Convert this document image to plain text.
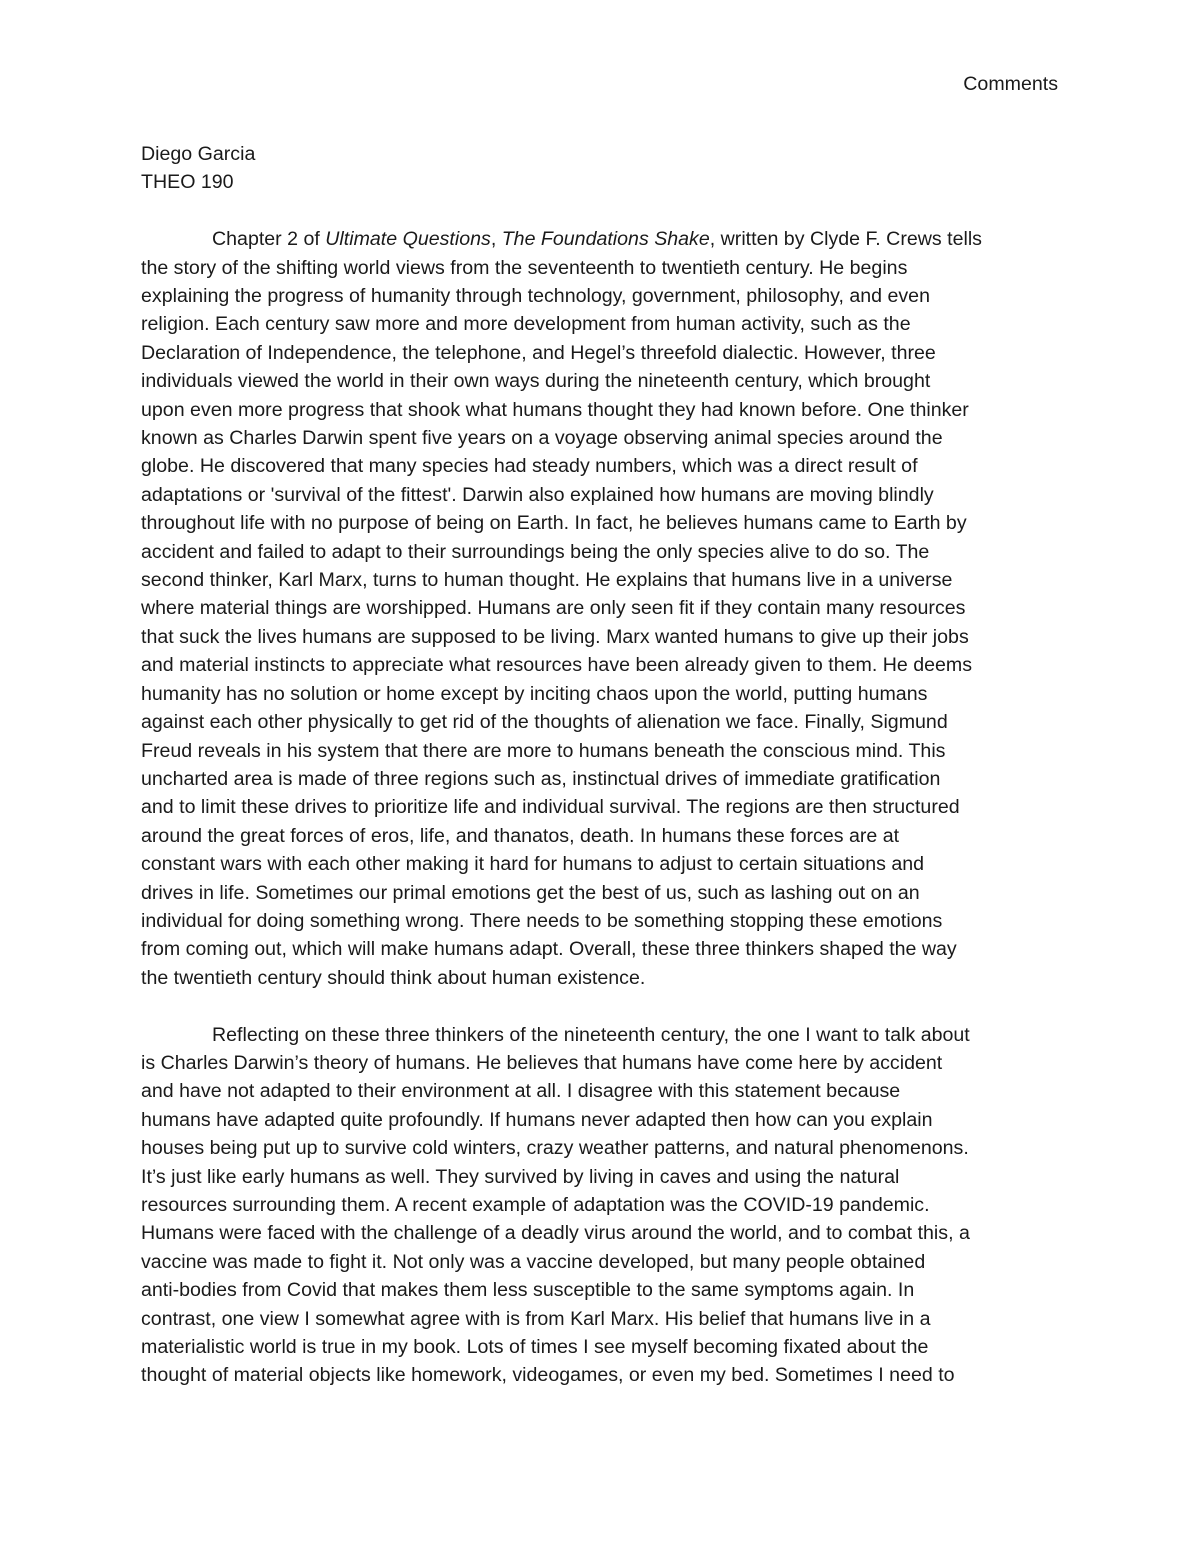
Comments
Diego Garcia
THEO 190
Chapter 2 of Ultimate Questions, The Foundations Shake, written by Clyde F. Crews tells
the story of the shifting world views from the seventeenth to twentieth century. He begins
explaining the progress of humanity through technology, government, philosophy, and even
religion. Each century saw more and more development from human activity, such as the
Declaration of Independence, the telephone, and Hegel’s threefold dialectic. However, three
individuals viewed the world in their own ways during the nineteenth century, which brought
upon even more progress that shook what humans thought they had known before. One thinker
known as Charles Darwin spent five years on a voyage observing animal species around the
globe. He discovered that many species had steady numbers, which was a direct result of
adaptations or 'survival of the fittest'. Darwin also explained how humans are moving blindly
throughout life with no purpose of being on Earth. In fact, he believes humans came to Earth by
accident and failed to adapt to their surroundings being the only species alive to do so. The
second thinker, Karl Marx, turns to human thought. He explains that humans live in a universe
where material things are worshipped. Humans are only seen fit if they contain many resources
that suck the lives humans are supposed to be living. Marx wanted humans to give up their jobs
and material instincts to appreciate what resources have been already given to them. He deems
humanity has no solution or home except by inciting chaos upon the world, putting humans
against each other physically to get rid of the thoughts of alienation we face. Finally, Sigmund
Freud reveals in his system that there are more to humans beneath the conscious mind. This
uncharted area is made of three regions such as, instinctual drives of immediate gratification
and to limit these drives to prioritize life and individual survival. The regions are then structured
around the great forces of eros, life, and thanatos, death. In humans these forces are at
constant wars with each other making it hard for humans to adjust to certain situations and
drives in life. Sometimes our primal emotions get the best of us, such as lashing out on an
individual for doing something wrong. There needs to be something stopping these emotions
from coming out, which will make humans adapt. Overall, these three thinkers shaped the way
the twentieth century should think about human existence.
Reflecting on these three thinkers of the nineteenth century, the one I want to talk about
is Charles Darwin’s theory of humans. He believes that humans have come here by accident
and have not adapted to their environment at all. I disagree with this statement because
humans have adapted quite profoundly. If humans never adapted then how can you explain
houses being put up to survive cold winters, crazy weather patterns, and natural phenomenons.
It’s just like early humans as well. They survived by living in caves and using the natural
resources surrounding them. A recent example of adaptation was the COVID-19 pandemic.
Humans were faced with the challenge of a deadly virus around the world, and to combat this, a
vaccine was made to fight it. Not only was a vaccine developed, but many people obtained
anti-bodies from Covid that makes them less susceptible to the same symptoms again. In
contrast, one view I somewhat agree with is from Karl Marx. His belief that humans live in a
materialistic world is true in my book. Lots of times I see myself becoming fixated about the
thought of material objects like homework, videogames, or even my bed. Sometimes I need to
